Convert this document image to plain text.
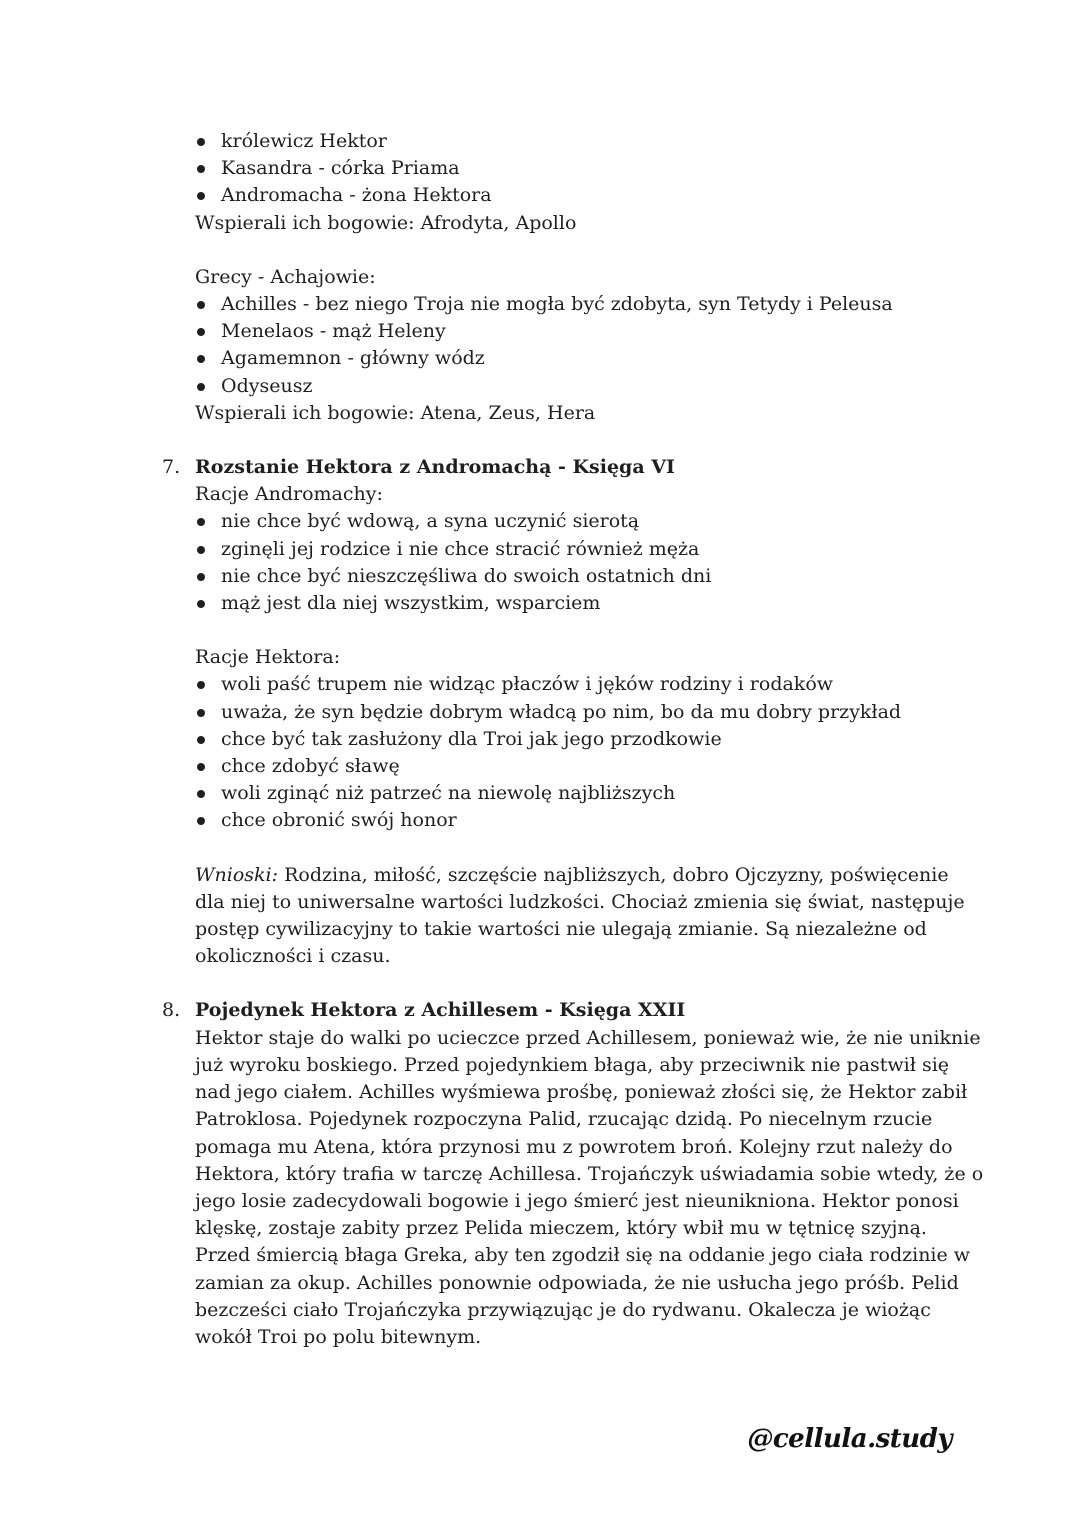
królewicz Hektor
Kasandra - córka Priama
Andromacha - żona Hektora
Wspierali ich bogowie: Afrodyta, Apollo
Grecy - Achajowie:
Achilles - bez niego Troja nie mogła być zdobyta, syn Tetydy i Peleusa
Menelaos - mąż Heleny
Agamemnon - główny wódz
Odyseusz
Wspierali ich bogowie: Atena, Zeus, Hera
7. Rozstanie Hektora z Andromachą - Księga VI
Racje Andromachy:
nie chce być wdową, a syna uczynić sierotą
zginęli jej rodzice i nie chce stracić również męża
nie chce być nieszczęśliwa do swoich ostatnich dni
mąż jest dla niej wszystkim, wsparciem
Racje Hektora:
woli paść trupem nie widząc płaczów i jęków rodziny i rodaków
uważa, że syn będzie dobrym władcą po nim, bo da mu dobry przykład
chce być tak zasłużony dla Troi jak jego przodkowie
chce zdobyć sławę
woli zginąć niż patrzeć na niewolę najbliższych
chce obronić swój honor
Wnioski: Rodzina, miłość, szczęście najbliższych, dobro Ojczyzny, poświęcenie
dla niej to uniwersalne wartości ludzkości. Chociaż zmienia się świat, następuje
postęp cywilizacyjny to takie wartości nie ulegają zmianie. Są niezależne od
okoliczności i czasu.
8. Pojedynek Hektora z Achillesem - Księga XXII
Hektor staje do walki po ucieczce przed Achillesem, ponieważ wie, że nie uniknie
już wyroku boskiego. Przed pojedynkiem błaga, aby przeciwnik nie pastwił się
nad jego ciałem. Achilles wyśmiewa prośbę, ponieważ złości się, że Hektor zabił
Patroklosa. Pojedynek rozpoczyna Palid, rzucając dzidą. Po niecelnym rzucie
pomaga mu Atena, która przynosi mu z powrotem broń. Kolejny rzut należy do
Hektora, który trafia w tarczę Achillesa. Trojańczyk uświadamia sobie wtedy, że o
jego losie zadecydowali bogowie i jego śmierć jest nieunikniona. Hektor ponosi
klęskę, zostaje zabity przez Pelida mieczem, który wbił mu w tętnicę szyjną.
Przed śmiercią błaga Greka, aby ten zgodził się na oddanie jego ciała rodzinie w
zamian za okup. Achilles ponownie odpowiada, że nie usłucha jego próśb. Pelid
bezcześci ciało Trojańczyka przywiązując je do rydwanu. Okalecza je wiożąc
wokół Troi po polu bitewnym.
@cellula.study
